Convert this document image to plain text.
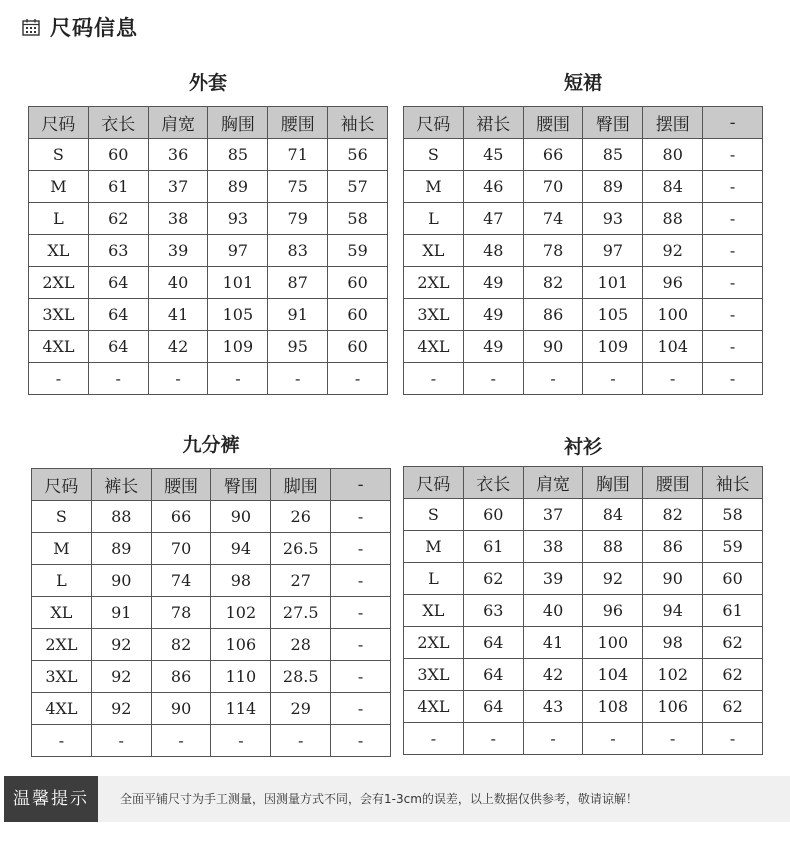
尺码信息
外套
尺码	衣长	肩宽	胸围	腰围	袖长
S	60	36	85	71	56
M	61	37	89	75	57
L	62	38	93	79	58
XL	63	39	97	83	59
2XL	64	40	101	87	60
3XL	64	41	105	91	60
4XL	64	42	109	95	60
-	-	-	-	-	-
短裙
尺码	裙长	腰围	臀围	摆围	-
S	45	66	85	80	-
M	46	70	89	84	-
L	47	74	93	88	-
XL	48	78	97	92	-
2XL	49	82	101	96	-
3XL	49	86	105	100	-
4XL	49	90	109	104	-
-	-	-	-	-	-
九分裤
尺码	裤长	腰围	臀围	脚围	-
S	88	66	90	26	-
M	89	70	94	26.5	-
L	90	74	98	27	-
XL	91	78	102	27.5	-
2XL	92	82	106	28	-
3XL	92	86	110	28.5	-
4XL	92	90	114	29	-
-	-	-	-	-	-
衬衫
尺码	衣长	肩宽	胸围	腰围	袖长
S	60	37	84	82	58
M	61	38	88	86	59
L	62	39	92	90	60
XL	63	40	96	94	61
2XL	64	41	100	98	62
3XL	64	42	104	102	62
4XL	64	43	108	106	62
-	-	-	-	-	-
温馨提示	全面平铺尺寸为手工测量，因测量方式不同，会有1-3cm的误差，以上数据仅供参考，敬请谅解！
